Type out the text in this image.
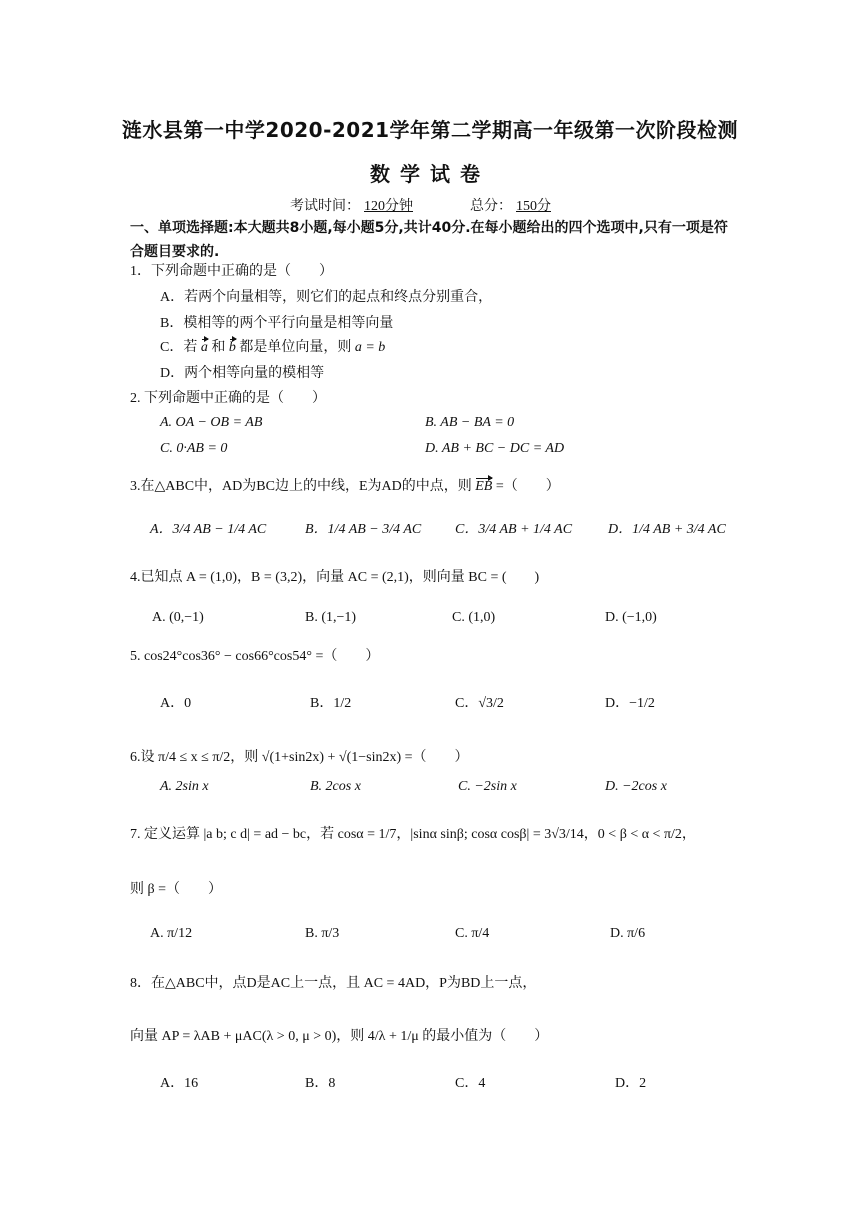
涟水县第一中学2020-2021学年第二学期高一年级第一次阶段检测
数学试卷
考试时间： 120分钟	总分： 150分
一、单项选择题:本大题共8小题,每小题5分,共计40分.在每小题给出的四个选项中,只有一项是符合题目要求的.
1．下列命题中正确的是（　　）
A．若两个向量相等，则它们的起点和终点分别重合，
B．模相等的两个平行向量是相等向量
C．若 a 和 b 都是单位向量，则 a = b
D．两个相等向量的模相等
2. 下列命题中正确的是（　　）
A. OA − OB = AB	B. AB − BA = 0
C. 0·AB = 0	D. AB + BC − DC = AD
3.在△ABC中，AD为BC边上的中线，E为AD的中点，则 EB =（　　）
A．3/4 AB − 1/4 AC	B．1/4 AB − 3/4 AC C．3/4 AB + 1/4 AC	D．1/4 AB + 3/4 AC
4.已知点 A = (1,0)，B = (3,2)，向量 AC = (2,1)，则向量 BC = (　　)
A. (0,−1)	B. (1,−1)	C. (1,0)	D. (−1,0)
5. cos24°cos36° − cos66°cos54° =（　　）
A．0	B．1/2	C．√3/2	D．−1/2
6.设 π/4 ≤ x ≤ π/2，则 √(1+sin2x) + √(1−sin2x) =（　　）
A. 2sin x	B. 2cos x	C. −2sin x	D. −2cos x
7. 定义运算 |a b; c d| = ad − bc，若 cosα = 1/7，|sinα sinβ; cosα cosβ| = 3√3/14，0 < β < α < π/2，
则 β =（　　）
A. π/12	B. π/3	C. π/4	D. π/6
8．在△ABC中，点D是AC上一点，且 AC = 4AD，P为BD上一点，
向量 AP = λAB + μAC(λ > 0, μ > 0)，则 4/λ + 1/μ 的最小值为（　　）
A．16	B．8	C．4	D．2
